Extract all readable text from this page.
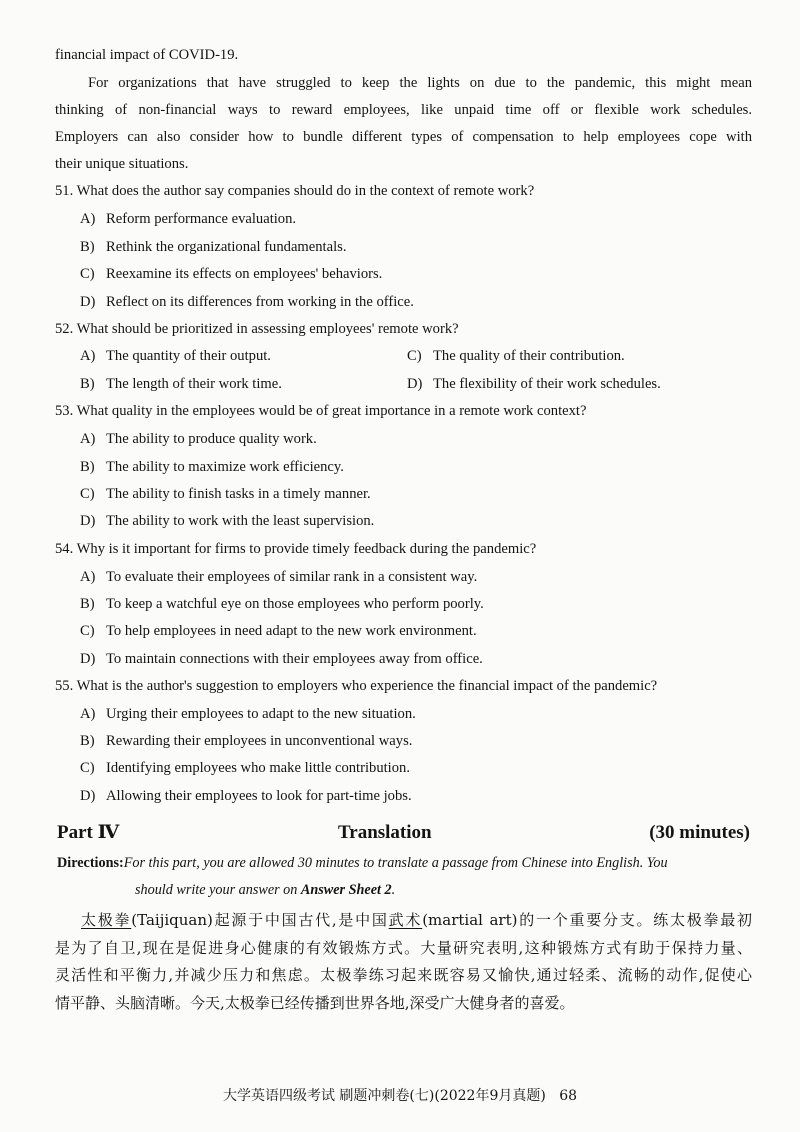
financial impact of COVID-19.
For organizations that have struggled to keep the lights on due to the pandemic, this might mean
thinking of non-financial ways to reward employees, like unpaid time off or flexible work schedules.
Employers can also consider how to bundle different types of compensation to help employees cope with
their unique situations.
51. What does the author say companies should do in the context of remote work?
A) Reform performance evaluation.
B) Rethink the organizational fundamentals.
C) Reexamine its effects on employees' behaviors.
D) Reflect on its differences from working in the office.
52. What should be prioritized in assessing employees' remote work?
A) The quantity of their output.	C) The quality of their contribution.
B) The length of their work time.	D) The flexibility of their work schedules.
53. What quality in the employees would be of great importance in a remote work context?
A) The ability to produce quality work.
B) The ability to maximize work efficiency.
C) The ability to finish tasks in a timely manner.
D) The ability to work with the least supervision.
54. Why is it important for firms to provide timely feedback during the pandemic?
A) To evaluate their employees of similar rank in a consistent way.
B) To keep a watchful eye on those employees who perform poorly.
C) To help employees in need adapt to the new work environment.
D) To maintain connections with their employees away from office.
55. What is the author's suggestion to employers who experience the financial impact of the pandemic?
A) Urging their employees to adapt to the new situation.
B) Rewarding their employees in unconventional ways.
C) Identifying employees who make little contribution.
D) Allowing their employees to look for part-time jobs.
Part Ⅳ	Translation	(30 minutes)
Directions:For this part, you are allowed 30 minutes to translate a passage from Chinese into English. You
should write your answer on Answer Sheet 2.
太极拳(Taijiquan)起源于中国古代,是中国武术(martial art)的一个重要分支。练太极拳最初
是为了自卫,现在是促进身心健康的有效锻炼方式。大量研究表明,这种锻炼方式有助于保持力量、
灵活性和平衡力,并减少压力和焦虑。太极拳练习起来既容易又愉快,通过轻柔、流畅的动作,促使心
情平静、头脑清晰。今天,太极拳已经传播到世界各地,深受广大健身者的喜爱。
大学英语四级考试 刷题冲刺卷(七)(2022年9月真题) 68
